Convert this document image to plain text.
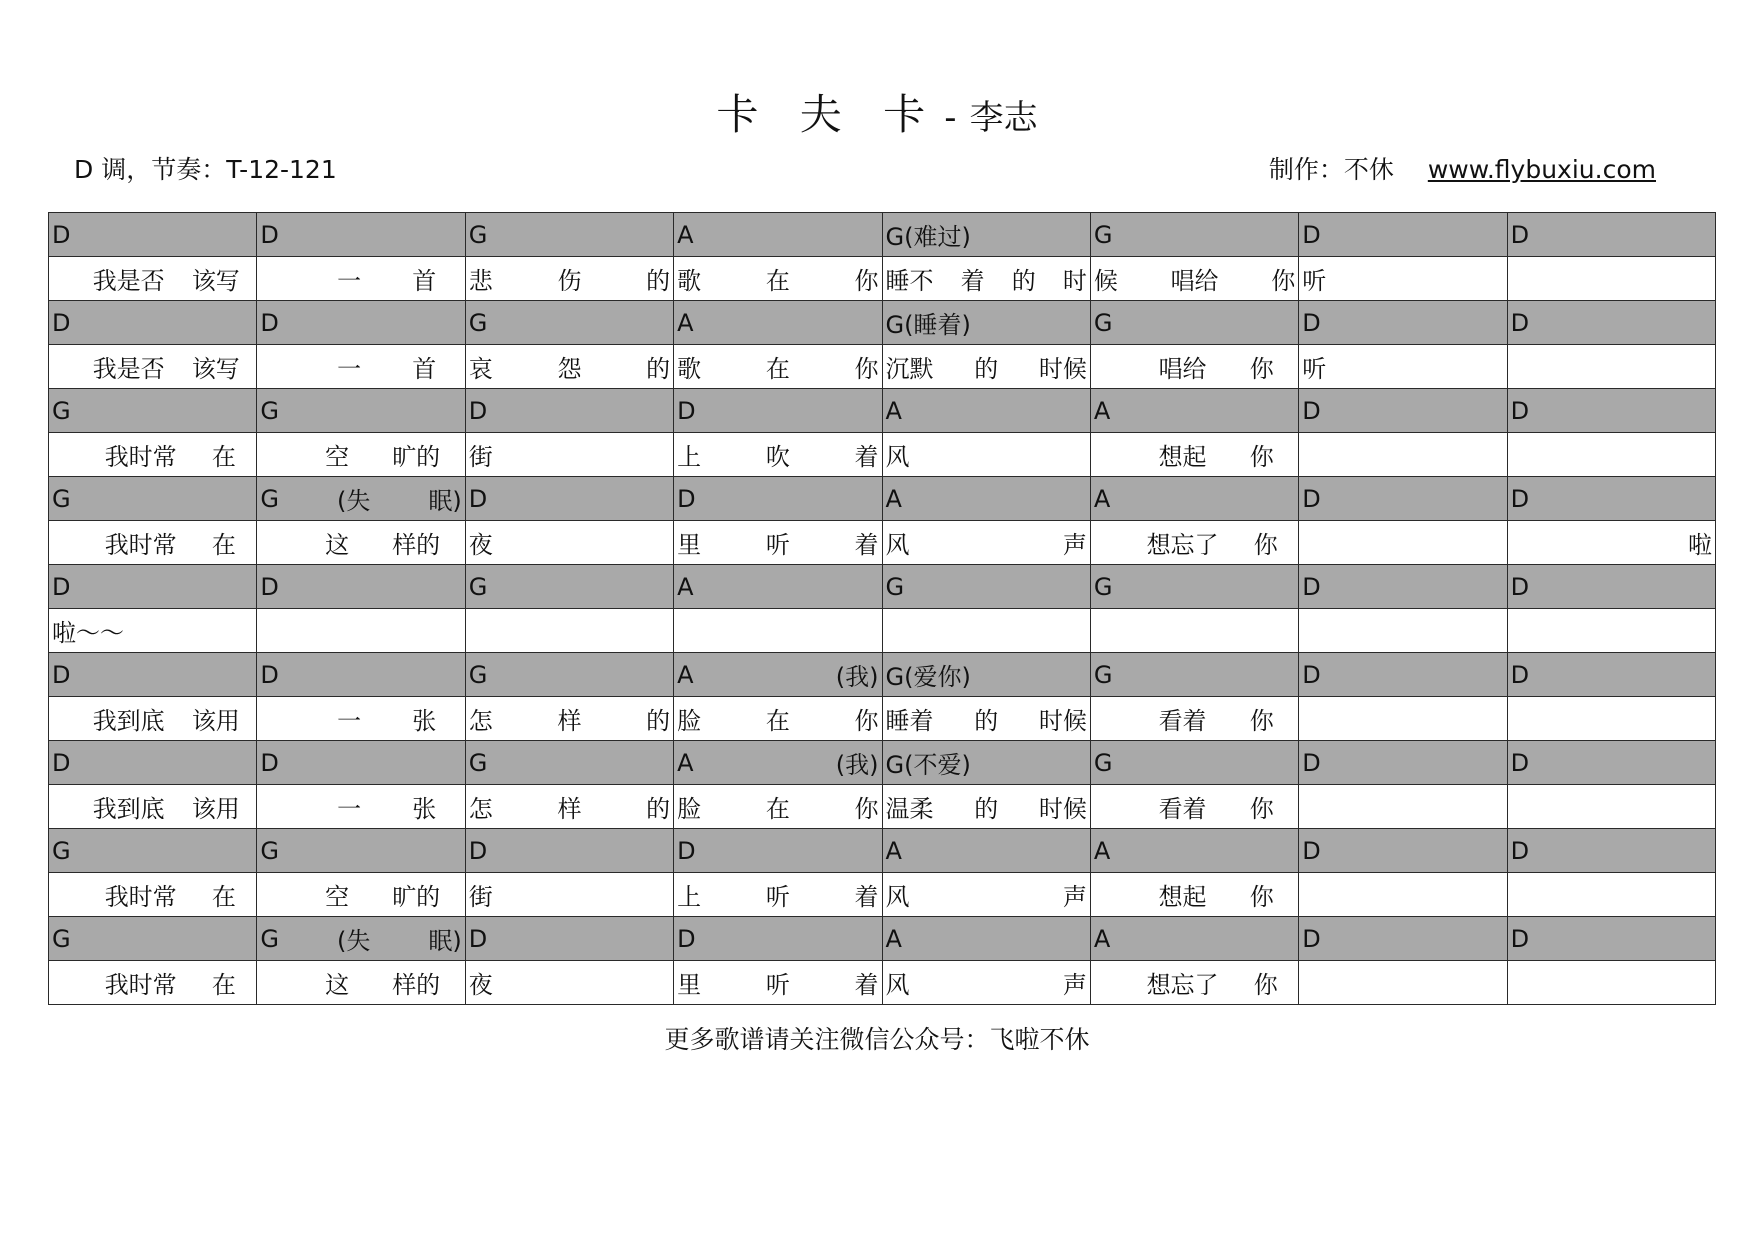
卡 夫 卡 - 李志
D 调，节奏：T-12-121	制作：不休 www.flybuxiu.com
D	D	G	A	G(难过)	G	D	D

我是否 该写	一 首	悲 伤 的	歌 在 你	睡不 着 的 时	候 唱给 你	听	

D	D	G	A	G(睡着)	G	D	D

我是否 该写	一 首	哀 怨 的	歌 在 你	沉默 的 时候	唱给 你	听	

G	G	D	D	A	A	D	D

我时常 在	空 旷的	街	上 吹 着	风	想起 你		

G	G (失 眠)	D	D	A	A	D	D

我时常 在	这 样的	夜	里 听 着	风 声	想忘了 你		啦

D	D	G	A	G	G	D	D

啦～～							

D	D	G	A (我)	G(爱你)	G	D	D

我到底 该用	一 张	怎 样 的	脸 在 你	睡着 的 时候	看着 你		

D	D	G	A (我)	G(不爱)	G	D	D

我到底 该用	一 张	怎 样 的	脸 在 你	温柔 的 时候	看着 你		

G	G	D	D	A	A	D	D

我时常 在	空 旷的	街	上 听 着	风 声	想起 你		

G	G (失 眠)	D	D	A	A	D	D

我时常 在	这 样的	夜	里 听 着	风 声	想忘了 你		

更多歌谱请关注微信公众号：飞啦不休
